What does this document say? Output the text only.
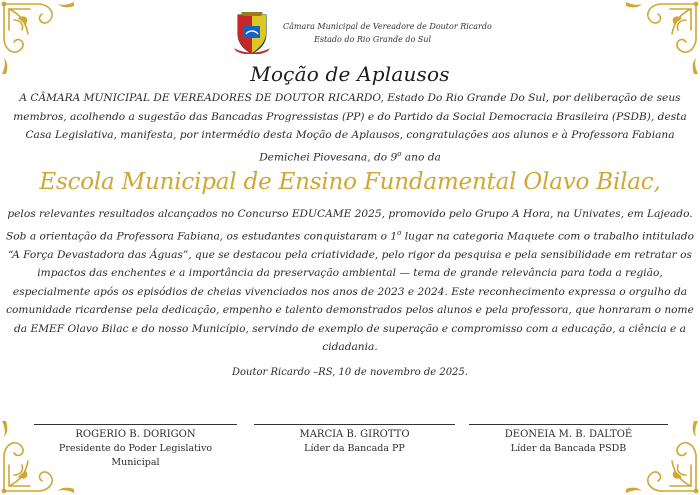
Câmara Municipal de Vereadore de Doutor Ricardo
Estado do Rio Grande do Sul
Moção de Aplausos
A CÂMARA MUNICIPAL DE VEREADORES DE DOUTOR RICARDO, Estado Do Rio Grande Do Sul, por deliberação de seus membros, acolhendo a sugestão das Bancadas Progressistas (PP) e do Partido da Social Democracia Brasileira (PSDB), desta Casa Legislativa, manifesta, por intermédio desta Moção de Aplausos, congratulações aos alunos e à Professora Fabiana Demichei Piovesana, do 9$^o$ ano da
Escola Municipal de Ensino Fundamental Olavo Bilac,
pelos relevantes resultados alcançados no Concurso EDUCAME 2025, promovido pelo Grupo A Hora, na Univates, em Lajeado. Sob a orientação da Professora Fabiana, os estudantes conquistaram o 1$^o$ lugar na categoria Maquete com o trabalho intitulado “A Força Devastadora das Águas”, que se destacou pela criatividade, pelo rigor da pesquisa e pela sensibilidade em retratar os impactos das enchentes e a importância da preservação ambiental — tema de grande relevância para toda a região, especialmente após os episódios de cheias vivenciados nos anos de 2023 e 2024. Este reconhecimento expressa o orgulho da comunidade ricardense pela dedicação, empenho e talento demonstrados pelos alunos e pela professora, que honraram o nome da EMEF Olavo Bilac e do nosso Município, servindo de exemplo de superação e compromisso com a educação, a ciência e a cidadania.
Doutor Ricardo –RS, 10 de novembro de 2025.
ROGERIO B. DORIGON
Presidente do Poder Legislativo Municipal
MARCIA B. GIROTTO
Líder da Bancada PP
DEONEIA M. B. DALTOÉ
Líder da Bancada PSDB
